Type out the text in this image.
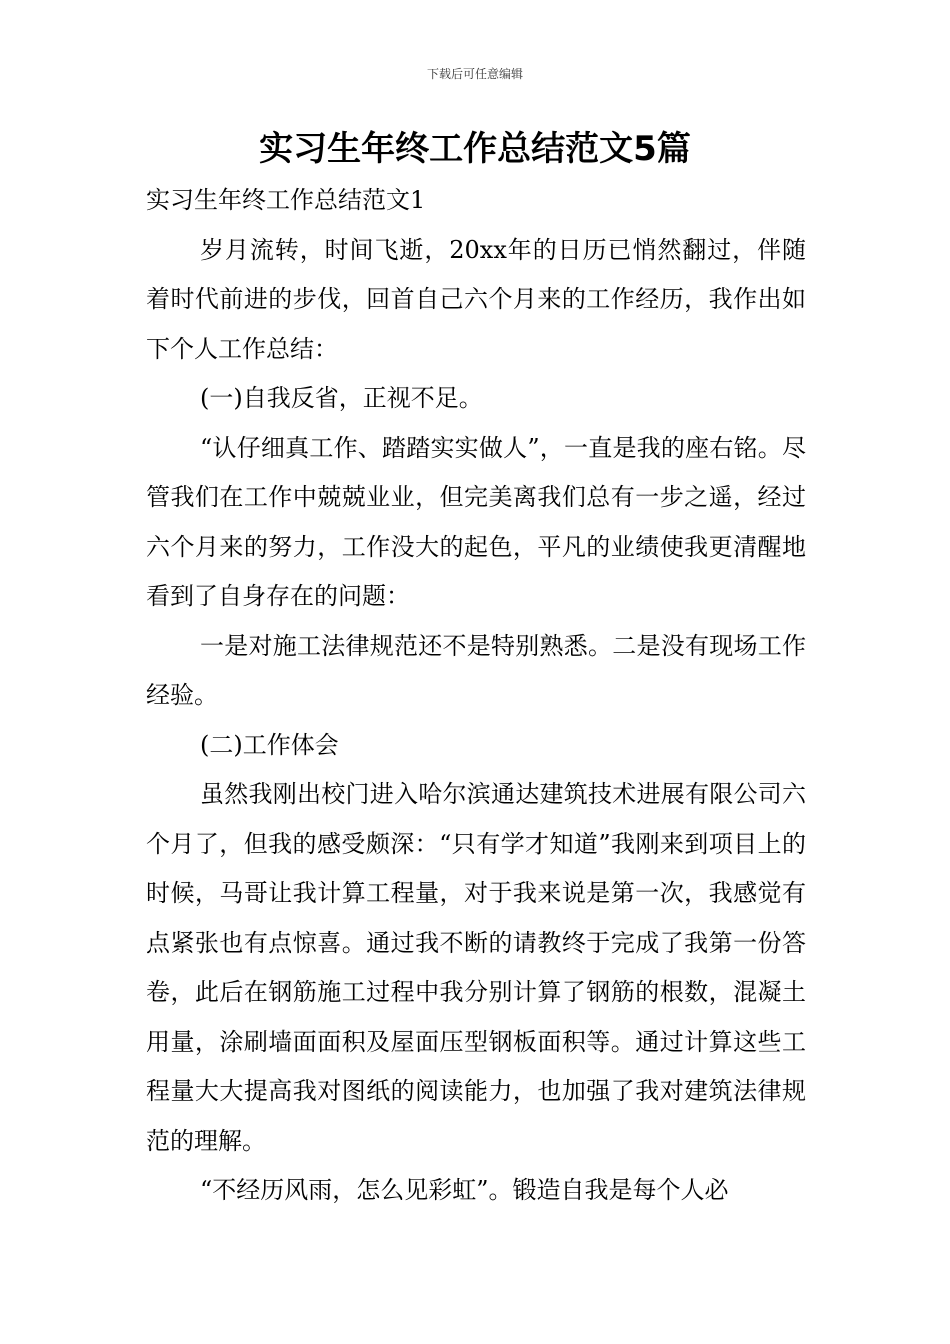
下载后可任意编辑
实习生年终工作总结范文5篇

实习生年终工作总结范文1

岁月流转，时间飞逝，20xx年的日历已悄然翻过，伴随着时代前进的步伐，回首自己六个月来的工作经历，我作出如下个人工作总结：

(一)自我反省，正视不足。

“认仔细真工作、踏踏实实做人”，一直是我的座右铭。尽管我们在工作中兢兢业业，但完美离我们总有一步之遥，经过六个月来的努力，工作没大的起色，平凡的业绩使我更清醒地看到了自身存在的问题：

一是对施工法律规范还不是特别熟悉。二是没有现场工作经验。

(二)工作体会

虽然我刚出校门进入哈尔滨通达建筑技术进展有限公司六个月了，但我的感受颇深：“只有学才知道”我刚来到项目上的时候，马哥让我计算工程量，对于我来说是第一次，我感觉有点紧张也有点惊喜。通过我不断的请教终于完成了我第一份答卷，此后在钢筋施工过程中我分别计算了钢筋的根数，混凝土用量，涂刷墙面面积及屋面压型钢板面积等。通过计算这些工程量大大提高我对图纸的阅读能力，也加强了我对建筑法律规范的理解。

“不经历风雨，怎么见彩虹”。锻造自我是每个人必
